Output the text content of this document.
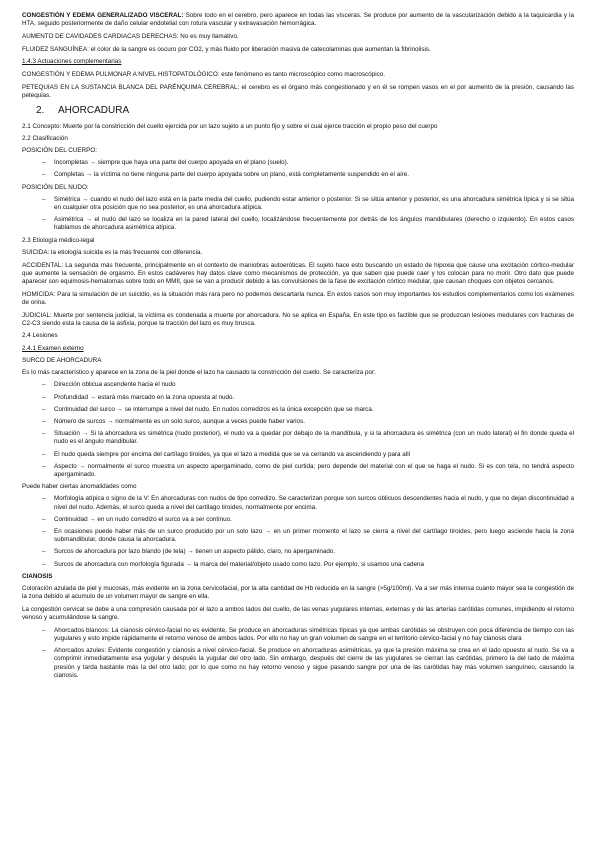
CONGESTIÓN Y EDEMA GENERALIZADO VISCERAL: Sobre todo en el cerebro, pero aparece en todas las vísceras. Se produce por aumento de la vascularización debido a la taquicardia y la HTA, seguido posteriormente de daño celular endotelial con rotura vascular y extravasación hemorrágica.

AUMENTO DE CAVIDADES CARDIACAS DERECHAS: No es muy llamativo.

FLUIDEZ SANGUÍNEA: el color de la sangre es oscuro por CO2, y más fluido por liberación masiva de catecolaminas que aumentan la fibrinolisis.

1.4.3 Actuaciones complementarias

CONGESTIÓN Y EDEMA PULMONAR A NIVEL HISTOPATOLÓGICO: este fenómeno es tanto microscópico como macroscópico.

PETEQUIAS EN LA SUSTANCIA BLANCA DEL PARÉNQUIMA CEREBRAL: el cerebro es el órgano más congestionado y en él se rompen vasos en el por aumento de la presión, causando las petequias.

2. AHORCADURA

2.1 Concepto: Muerte por la constricción del cuello ejercida por un lazo sujeto a un punto fijo y sobre el cual ejerce tracción el propio peso del cuerpo

2.2 Clasificación

POSICIÓN DEL CUERPO:

– Incompletas → siempre que haya una parte del cuerpo apoyada en el plano (suelo).
– Completas → la víctima no tiene ninguna parte del cuerpo apoyada sobre un plano, está completamente suspendido en el aire.

POSICIÓN DEL NUDO:

– Simétrica → cuando el nudo del lazo está en la parte media del cuello, pudiendo estar anterior o posterior. Si se sitúa anterior y posterior, es una ahorcadura simétrica típica y si se sitúa en cualquier otra posición que no sea posterior, es una ahorcadura atípica.
– Asimétrica → el nudo del lazo se localiza en la pared lateral del cuello, localizándose frecuentemente por detrás de los ángulos mandibulares (derecho o izquierdo). En estos casos hablamos de ahorcadura asimétrica atípica.

2.3 Etiología médico-legal

SUICIDA: la etiología suicida es la más frecuente con diferencia.

ACCIDENTAL: La segunda más frecuente, principalmente en el contexto de maniobras autoeróticas. El sujeto hace esto buscando un estado de hipoxia que cause una excitación córtico-medular que aumente la sensación de orgasmo. En estos cadáveres hay datos clave como mecanismos de protección, ya que saben que puede caer y los colocan para no morir. Otro dato que puede aparecer son equimosis-hematomas sobre todo en MMII, que se van a producir debido a las convulsiones de la fase de excitación córtico medular, que causan choques con objetos cercanos.

HOMICIDA: Para la simulación de un suicidio, es la situación más rara pero no podemos descartarla nunca. En estos casos son muy importantes los estudios complementarios como los exámenes de orina.

JUDICIAL: Muerte por sentencia judicial, la víctima es condenada a muerte por ahorcadura. No se aplica en España. En este tipo es factible que se produzcan lesiones medulares con fracturas de C2-C3 siendo esta la causa de la asfixia, porque la tracción del lazo es muy brusca.

2.4 Lesiones

2.4.1 Examen externo

SURCO DE AHORCADURA

Es lo más característico y aparece en la zona de la piel donde el lazo ha causado la constricción del cuello. Se caracteriza por:

– Dirección oblicua ascendente hacia el nudo
– Profundidad → estará más marcado en la zona opuesta al nudo.
– Continuidad del surco → se interrumpe a nivel del nudo. En nudos corredizos es la única excepción que se marca.
– Número de surcos → normalmente es un solo surco, aunque a veces puede haber varios.
– Situación → Si la ahorcadura es simétrica (nudo posterior), el nudo va a quedar por debajo de la mandíbula, y si la ahorcadura es simétrica (con un nudo lateral) el fin donde queda el nudo es el ángulo mandibular.
– El nudo queda siempre por encima del cartílago tiroides, ya que el lazo a medida que se va cerrando va ascendiendo y para allí
– Aspecto → normalmente el surco muestra un aspecto apergaminado, como de piel curtida; pero depende del material con el que se haga el nudo. Si es con tela, no tendrá aspecto apergaminado.

Puede haber ciertas anomalidades como

– Morfología atípica o signo de la V: En ahorcaduras con nudos de tipo corredizo. Se caracterizan porque son surcos oblicuos descendentes hacia el nudo, y que no dejan discontinuidad a nivel del nudo. Además, el surco queda a nivel del cartílago tiroides, normalmente por encima.
– Continuidad → en un nudo corredizo el surco va a ser continuo.
– En ocasiones puede haber más de un surco producido por un solo lazo → en un primer momento el lazo se cierra a nivel del cartílago tiroides, pero luego asciende hacia la zona submandibular, donde causa la ahorcadura.
– Surcos de ahorcadura por lazo blando (de tela) → tienen un aspecto pálido, claro, no apergaminado.
– Surcos de ahorcadura con morfología figurada → la marca del material/objeto usado como lazo. Por ejemplo, si usamos una cadena

CIANOSIS

Coloración azulada de piel y mucosas, más evidente en la zona cervicofacial, por la alta cantidad de Hb reducida en la sangre (>5g/100ml). Va a ser más intensa cuanto mayor sea la congestión de la zona debido al acumulo de un volumen mayor de sangre en ella.

La congestión cervical se debe a una compresión causada por el lazo a ambos lados del cuello, de las venas yugulares internas, externas y de las arterias carótidas comunes, impidiendo el retorno venoso y acumulándose la sangre.

– Ahorcados blancos: La cianosis cérvico-facial no es evidente. Se produce en ahorcaduras simétricas típicas ya que ambas carótidas se obstruyen con poca diferencia de tiempo con las yugulares y esto impide rápidamente el retorno venoso de ambos lados. Por ello no hay un gran volumen de sangre en el territorio cérvico-facial y no hay cianosis clara
– Ahorcados azules: Evidente congestión y cianosis a nivel cérvico-facial. Se produce en ahorcaduras asimétricas, ya que la presión máxima se crea en el lado opuesto al nudo. Se va a comprimir inmediatamente esa yugular y después la yugular del otro lado. Sin embargo, después del cierre de las yugulares se cierran las carótidas, primero la del lado de máxima presión y tarda bastante más la del otro lado; por lo que como no hay retorno venoso y sigue pasando sangre por una de las carótidas hay más volumen sanguíneo, causando la cianosis.
